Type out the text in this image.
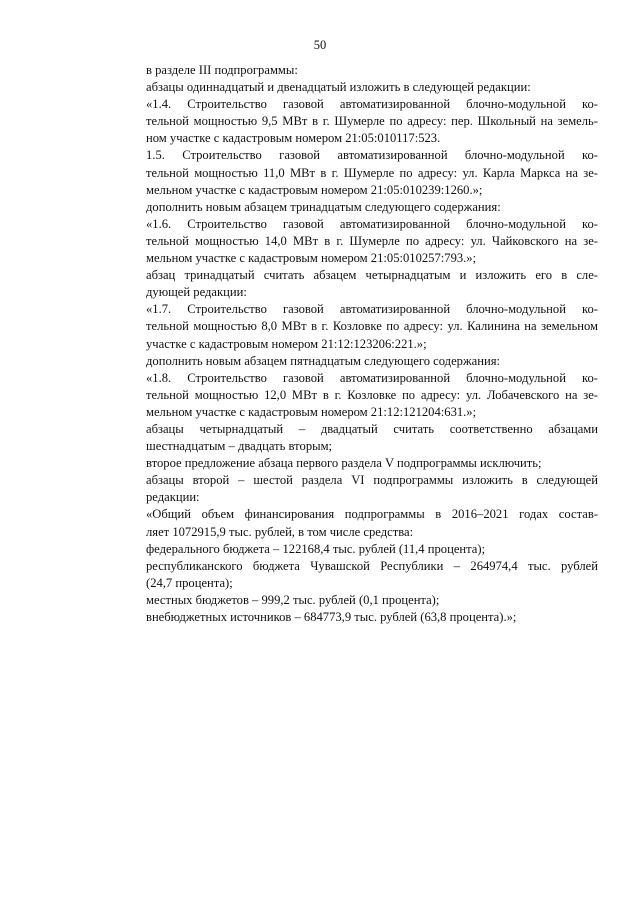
50

в разделе III подпрограммы:

абзацы одиннадцатый и двенадцатый изложить в следующей редакции:

«1.4. Строительство газовой автоматизированной блочно-модульной ко-
тельной мощностью 9,5 МВт в г. Шумерле по адресу: пер. Школьный на земель-
ном участке с кадастровым номером 21:05:010117:523.

1.5. Строительство газовой автоматизированной блочно-модульной ко-
тельной мощностью 11,0 МВт в г. Шумерле по адресу: ул. Карла Маркса на зе-
мельном участке с кадастровым номером 21:05:010239:1260.»;

дополнить новым абзацем тринадцатым следующего содержания:

«1.6. Строительство газовой автоматизированной блочно-модульной ко-
тельной мощностью 14,0 МВт в г. Шумерле по адресу: ул. Чайковского на зе-
мельном участке с кадастровым номером 21:05:010257:793.»;

абзац тринадцатый считать абзацем четырнадцатым и изложить его в сле-
дующей редакции:

«1.7. Строительство газовой автоматизированной блочно-модульной ко-
тельной мощностью 8,0 МВт в г. Козловке по адресу: ул. Калинина на земельном
участке с кадастровым номером 21:12:123206:221.»;

дополнить новым абзацем пятнадцатым следующего содержания:

«1.8. Строительство газовой автоматизированной блочно-модульной ко-
тельной мощностью 12,0 МВт в г. Козловке по адресу: ул. Лобачевского на зе-
мельном участке с кадастровым номером 21:12:121204:631.»;

абзацы четырнадцатый – двадцатый считать соответственно абзацами
шестнадцатым – двадцать вторым;

второе предложение абзаца первого раздела V подпрограммы исключить;

абзацы второй – шестой раздела VI подпрограммы изложить в следующей
редакции:

«Общий объем финансирования подпрограммы в 2016–2021 годах состав-
ляет 1072915,9 тыс. рублей, в том числе средства:

федерального бюджета – 122168,4 тыс. рублей (11,4 процента);

республиканского бюджета Чувашской Республики – 264974,4 тыс. рублей
(24,7 процента);

местных бюджетов – 999,2 тыс. рублей (0,1 процента);

внебюджетных источников – 684773,9 тыс. рублей (63,8 процента).»;
